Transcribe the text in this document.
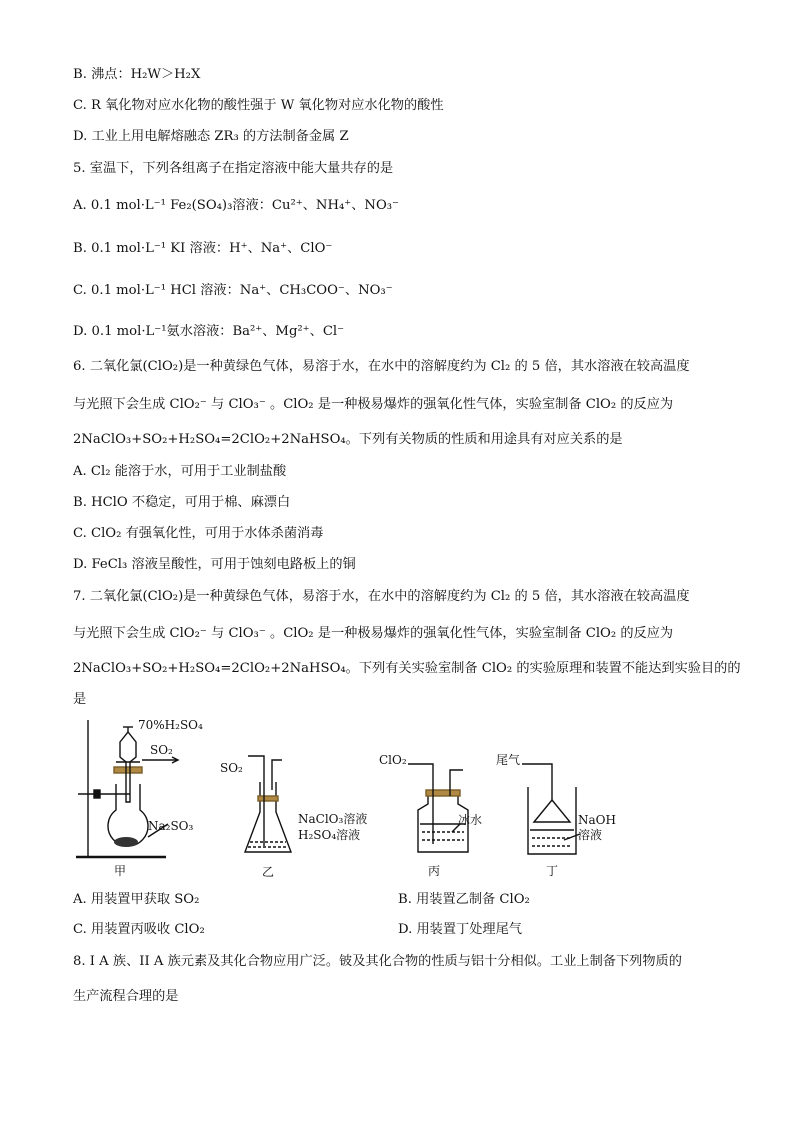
B. 沸点：H₂W＞H₂X
C. R 氧化物对应水化物的酸性强于 W 氧化物对应水化物的酸性
D. 工业上用电解熔融态 ZR₃ 的方法制备金属 Z
5. 室温下，下列各组离子在指定溶液中能大量共存的是
A. 0.1 mol·L⁻¹ Fe₂(SO₄)₃溶液：Cu²⁺、NH₄⁺、NO₃⁻
B. 0.1 mol·L⁻¹ KI 溶液：H⁺、Na⁺、ClO⁻
C. 0.1 mol·L⁻¹ HCl 溶液：Na⁺、CH₃COO⁻、NO₃⁻
D. 0.1 mol·L⁻¹氨水溶液：Ba²⁺、Mg²⁺、Cl⁻
6. 二氧化氯(ClO₂)是一种黄绿色气体，易溶于水，在水中的溶解度约为 Cl₂ 的 5 倍，其水溶液在较高温度
与光照下会生成 ClO₂⁻ 与 ClO₃⁻ 。ClO₂ 是一种极易爆炸的强氧化性气体，实验室制备 ClO₂ 的反应为
2NaClO₃+SO₂+H₂SO₄=2ClO₂+2NaHSO₄。下列有关物质的性质和用途具有对应关系的是
A. Cl₂ 能溶于水，可用于工业制盐酸
B. HClO 不稳定，可用于棉、麻漂白
C. ClO₂ 有强氧化性，可用于水体杀菌消毒
D. FeCl₃ 溶液呈酸性，可用于蚀刻电路板上的铜
7. 二氧化氯(ClO₂)是一种黄绿色气体，易溶于水，在水中的溶解度约为 Cl₂ 的 5 倍，其水溶液在较高温度
与光照下会生成 ClO₂⁻ 与 ClO₃⁻ 。ClO₂ 是一种极易爆炸的强氧化性气体，实验室制备 ClO₂ 的反应为
2NaClO₃+SO₂+H₂SO₄=2ClO₂+2NaHSO₄。下列有关实验室制备 ClO₂ 的实验原理和装置不能达到实验目的的
是
70%H₂SO₄
SO₂
Na₂SO₃
甲
SO₂
NaClO₃溶液
H₂SO₄溶液
乙
ClO₂
冰水
丙
尾气
NaOH
溶液
丁
A. 用装置甲获取 SO₂	B. 用装置乙制备 ClO₂
C. 用装置丙吸收 ClO₂	D. 用装置丁处理尾气
8. I A 族、II A 族元素及其化合物应用广泛。铍及其化合物的性质与铝十分相似。工业上制备下列物质的
生产流程合理的是
